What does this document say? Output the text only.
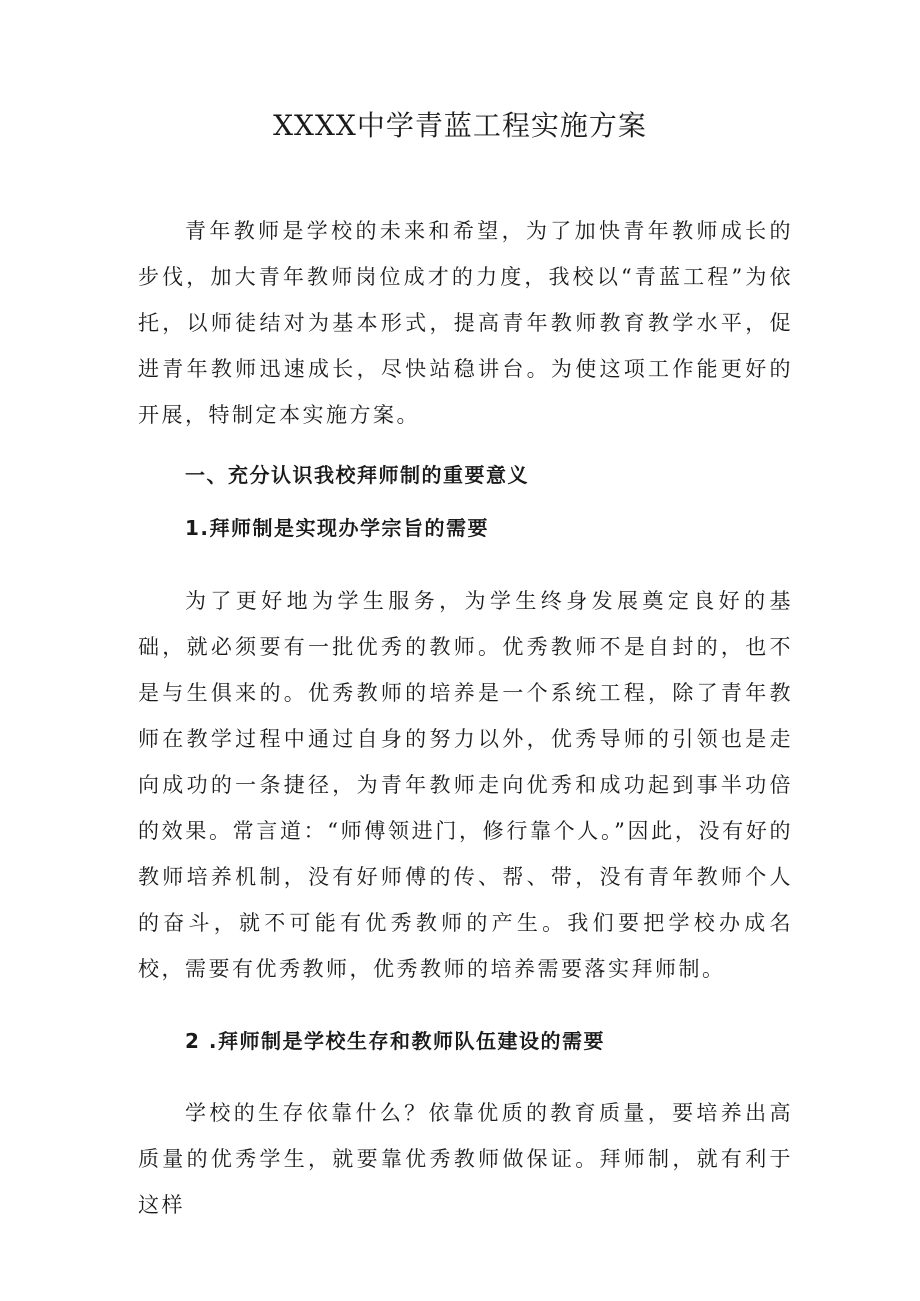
XXXX中学青蓝工程实施方案

青年教师是学校的未来和希望，为了加快青年教师成长的步伐，加大青年教师岗位成才的力度，我校以“青蓝工程”为依托，以师徒结对为基本形式，提高青年教师教育教学水平，促进青年教师迅速成长，尽快站稳讲台。为使这项工作能更好的开展，特制定本实施方案。

一、充分认识我校拜师制的重要意义

1.拜师制是实现办学宗旨的需要

为了更好地为学生服务，为学生终身发展奠定良好的基础，就必须要有一批优秀的教师。优秀教师不是自封的，也不是与生俱来的。优秀教师的培养是一个系统工程，除了青年教师在教学过程中通过自身的努力以外，优秀导师的引领也是走向成功的一条捷径，为青年教师走向优秀和成功起到事半功倍的效果。常言道：“师傅领进门，修行靠个人。”因此，没有好的教师培养机制，没有好师傅的传、帮、带，没有青年教师个人的奋斗，就不可能有优秀教师的产生。我们要把学校办成名校，需要有优秀教师，优秀教师的培养需要落实拜师制。

2 .拜师制是学校生存和教师队伍建设的需要

学校的生存依靠什么？依靠优质的教育质量，要培养出高质量的优秀学生，就要靠优秀教师做保证。拜师制，就有利于这样
